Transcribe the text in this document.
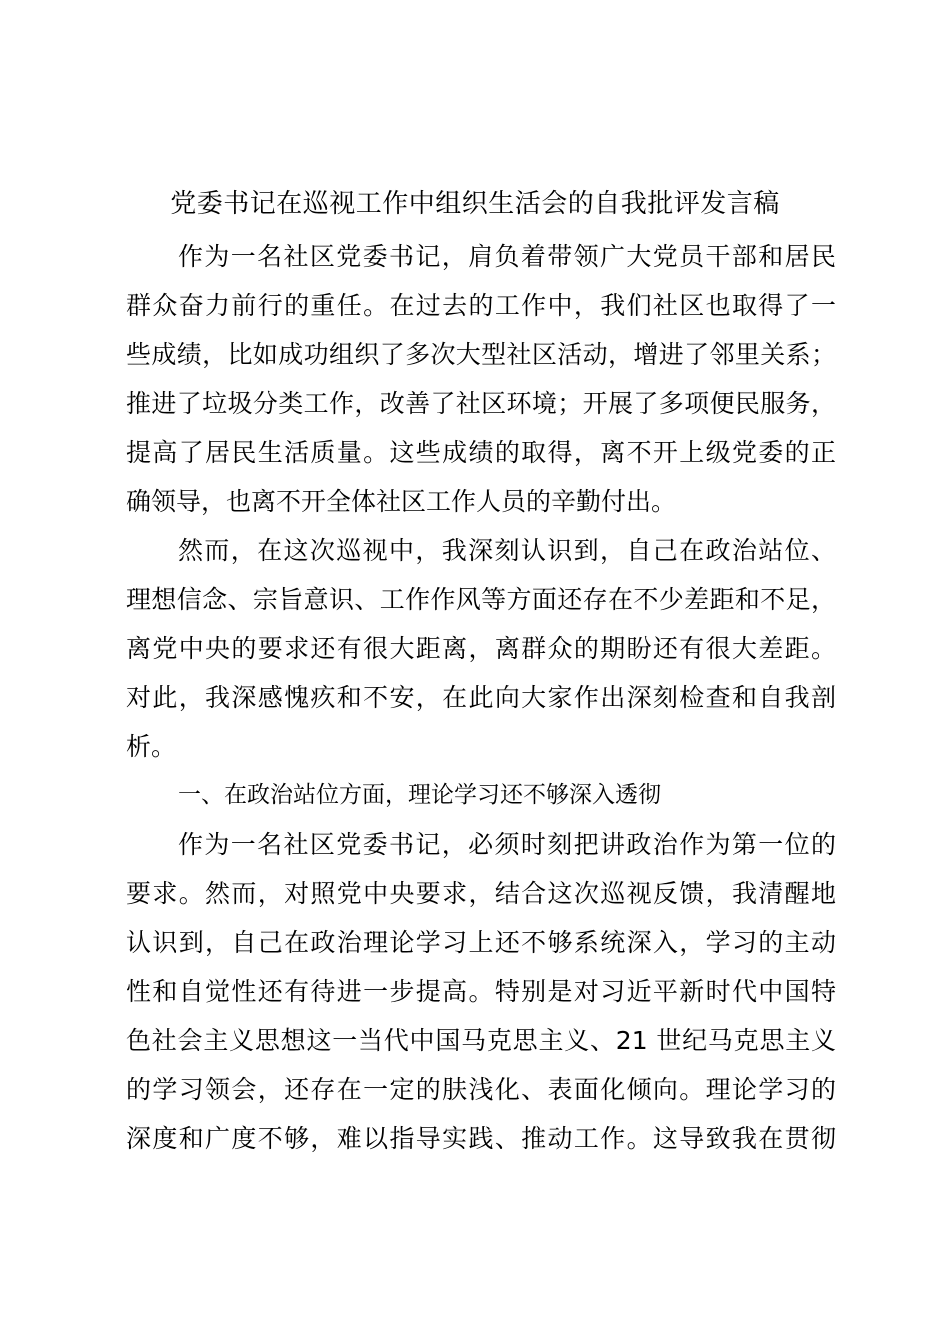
党委书记在巡视工作中组织生活会的自我批评发言稿
作为一名社区党委书记，肩负着带领广大党员干部和居民
群众奋力前行的重任。在过去的工作中，我们社区也取得了一
些成绩，比如成功组织了多次大型社区活动，增进了邻里关系；
推进了垃圾分类工作，改善了社区环境；开展了多项便民服务，
提高了居民生活质量。这些成绩的取得，离不开上级党委的正
确领导，也离不开全体社区工作人员的辛勤付出。
然而，在这次巡视中，我深刻认识到，自己在政治站位、
理想信念、宗旨意识、工作作风等方面还存在不少差距和不足，
离党中央的要求还有很大距离，离群众的期盼还有很大差距。
对此，我深感愧疚和不安，在此向大家作出深刻检查和自我剖
析。
一、在政治站位方面，理论学习还不够深入透彻
作为一名社区党委书记，必须时刻把讲政治作为第一位的
要求。然而，对照党中央要求，结合这次巡视反馈，我清醒地
认识到，自己在政治理论学习上还不够系统深入，学习的主动
性和自觉性还有待进一步提高。特别是对习近平新时代中国特
色社会主义思想这一当代中国马克思主义、21 世纪马克思主义
的学习领会，还存在一定的肤浅化、表面化倾向。理论学习的
深度和广度不够，难以指导实践、推动工作。这导致我在贯彻
